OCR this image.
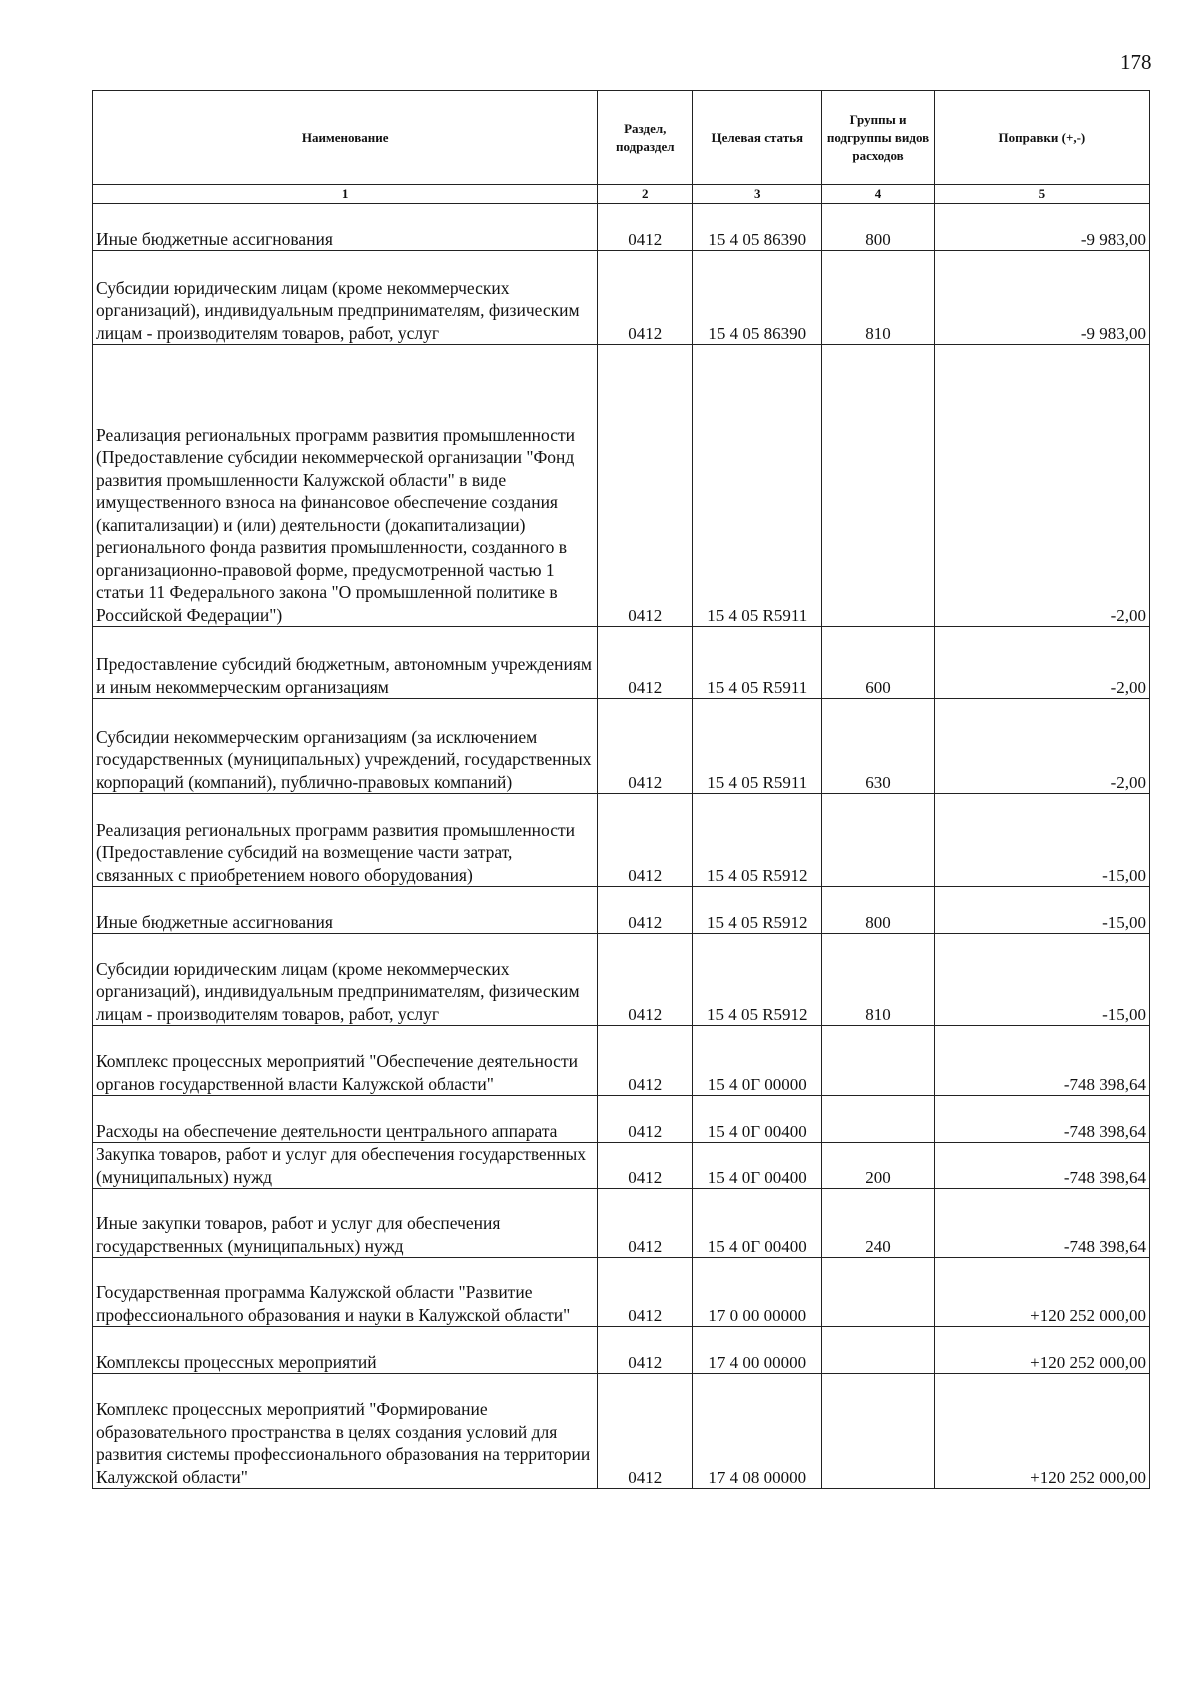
178
Наименование	Раздел, подраздел	Целевая статья	Группы и подгруппы видов расходов	Поправки (+,-)
1	2	3	4	5
Иные бюджетные ассигнования	0412	15 4 05 86390	800	-9 983,00
Субсидии юридическим лицам (кроме некоммерческих организаций), индивидуальным предпринимателям, физическим лицам - производителям товаров, работ, услуг	0412	15 4 05 86390	810	-9 983,00
Реализация региональных программ развития промышленности (Предоставление субсидии некоммерческой организации "Фонд развития промышленности Калужской области" в виде имущественного взноса на финансовое обеспечение создания (капитализации) и (или) деятельности (докапитализации) регионального фонда развития промышленности, созданного в организационно-правовой форме, предусмотренной частью 1 статьи 11 Федерального закона "О промышленной политике в Российской Федерации")	0412	15 4 05 R5911		-2,00
Предоставление субсидий бюджетным, автономным учреждениям и иным некоммерческим организациям	0412	15 4 05 R5911	600	-2,00
Субсидии некоммерческим организациям (за исключением государственных (муниципальных) учреждений, государственных корпораций (компаний), публично-правовых компаний)	0412	15 4 05 R5911	630	-2,00
Реализация региональных программ развития промышленности (Предоставление субсидий на возмещение части затрат, связанных с приобретением нового оборудования)	0412	15 4 05 R5912		-15,00
Иные бюджетные ассигнования	0412	15 4 05 R5912	800	-15,00
Субсидии юридическим лицам (кроме некоммерческих организаций), индивидуальным предпринимателям, физическим лицам - производителям товаров, работ, услуг	0412	15 4 05 R5912	810	-15,00
Комплекс процессных мероприятий "Обеспечение деятельности органов государственной власти Калужской области"	0412	15 4 0Г 00000		-748 398,64
Расходы на обеспечение деятельности центрального аппарата	0412	15 4 0Г 00400		-748 398,64
Закупка товаров, работ и услуг для обеспечения государственных (муниципальных) нужд	0412	15 4 0Г 00400	200	-748 398,64
Иные закупки товаров, работ и услуг для обеспечения государственных (муниципальных) нужд	0412	15 4 0Г 00400	240	-748 398,64
Государственная программа Калужской области "Развитие профессионального образования и науки в Калужской области"	0412	17 0 00 00000		+120 252 000,00
Комплексы процессных мероприятий	0412	17 4 00 00000		+120 252 000,00
Комплекс процессных мероприятий "Формирование образовательного пространства в целях создания условий для развития системы профессионального образования на территории Калужской области"	0412	17 4 08 00000		+120 252 000,00
